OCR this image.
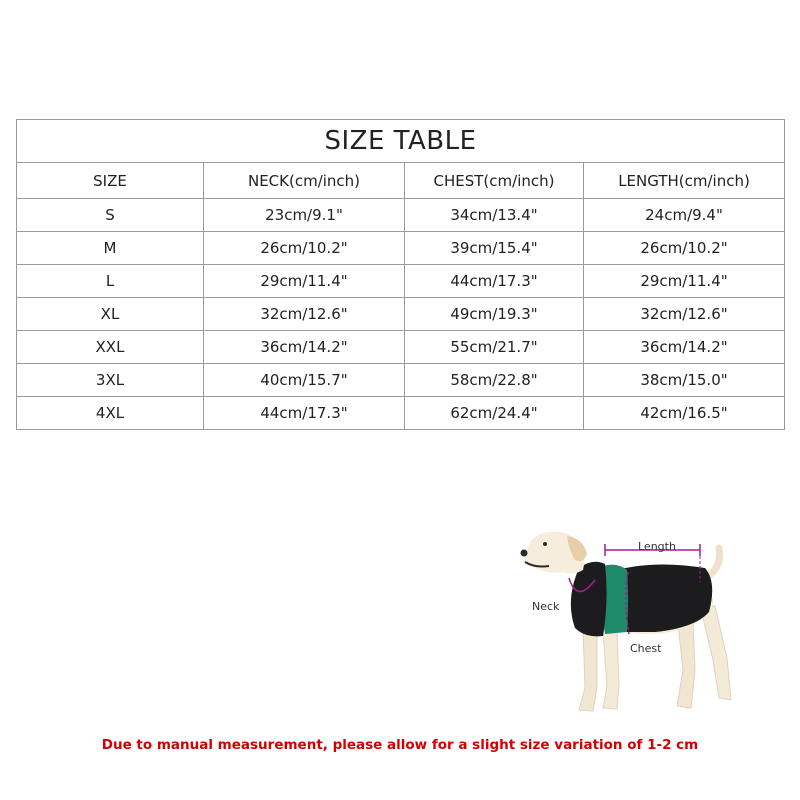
SIZE TABLE			
SIZE	NECK(cm/inch)	CHEST(cm/inch)	LENGTH(cm/inch)
S	23cm/9.1"	34cm/13.4"	24cm/9.4"
M	26cm/10.2"	39cm/15.4"	26cm/10.2"
L	29cm/11.4"	44cm/17.3"	29cm/11.4"
XL	32cm/12.6"	49cm/19.3"	32cm/12.6"
XXL	36cm/14.2"	55cm/21.7"	36cm/14.2"
3XL	40cm/15.7"	58cm/22.8"	38cm/15.0"
4XL	44cm/17.3"	62cm/24.4"	42cm/16.5"
Length
Neck
Chest
Due to manual measurement, please allow for a slight size variation of 1-2 cm
